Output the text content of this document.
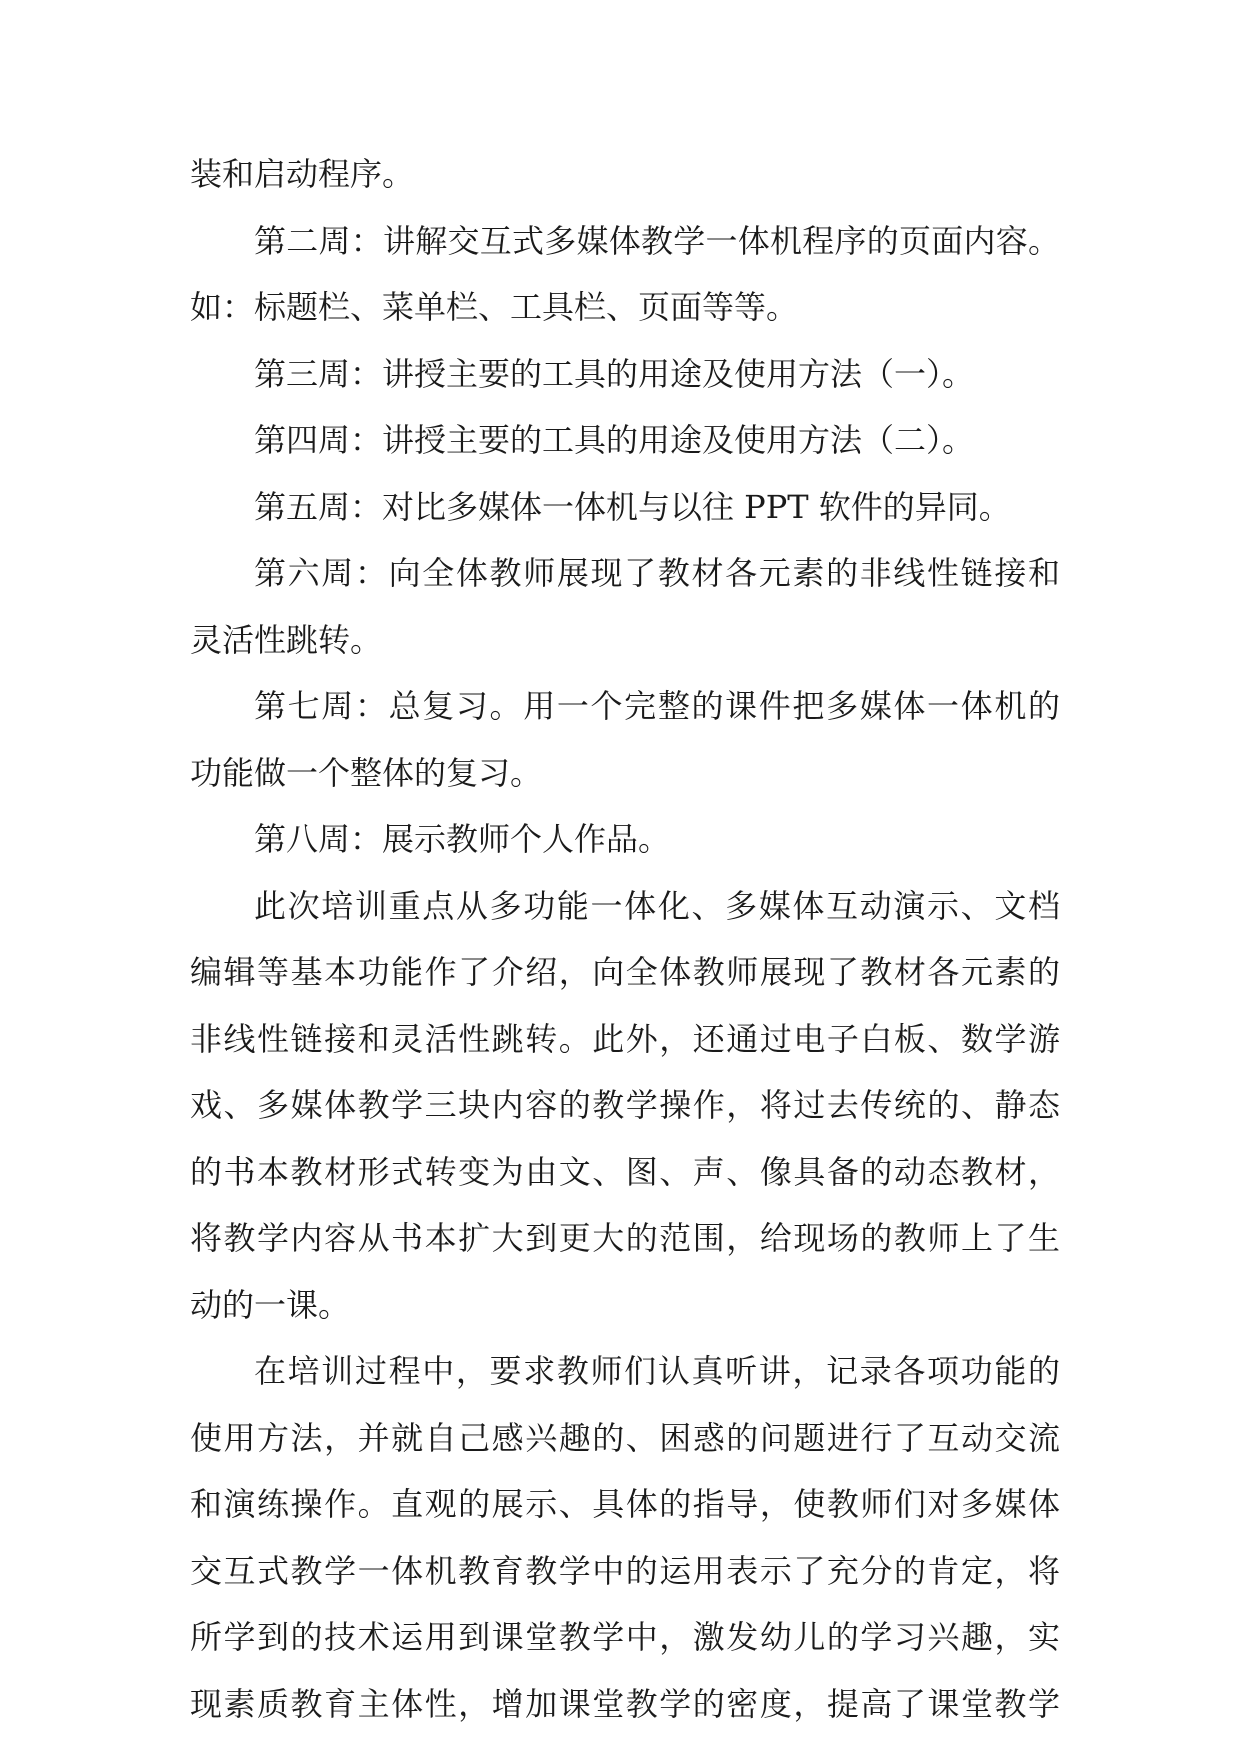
装和启动程序。
第二周：讲解交互式多媒体教学一体机程序的页面内容。
如：标题栏、菜单栏、工具栏、页面等等。
第三周：讲授主要的工具的用途及使用方法（一）。
第四周：讲授主要的工具的用途及使用方法（二）。
第五周：对比多媒体一体机与以往 PPT 软件的异同。
第六周：向全体教师展现了教材各元素的非线性链接和
灵活性跳转。
第七周：总复习。用一个完整的课件把多媒体一体机的
功能做一个整体的复习。
第八周：展示教师个人作品。
此次培训重点从多功能一体化、多媒体互动演示、文档
编辑等基本功能作了介绍，向全体教师展现了教材各元素的
非线性链接和灵活性跳转。此外，还通过电子白板、数学游
戏、多媒体教学三块内容的教学操作，将过去传统的、静态
的书本教材形式转变为由文、图、声、像具备的动态教材，
将教学内容从书本扩大到更大的范围，给现场的教师上了生
动的一课。
在培训过程中，要求教师们认真听讲，记录各项功能的
使用方法，并就自己感兴趣的、困惑的问题进行了互动交流
和演练操作。直观的展示、具体的指导，使教师们对多媒体
交互式教学一体机教育教学中的运用表示了充分的肯定，将
所学到的技术运用到课堂教学中，激发幼儿的学习兴趣，实
现素质教育主体性，增加课堂教学的密度，提高了课堂教学
